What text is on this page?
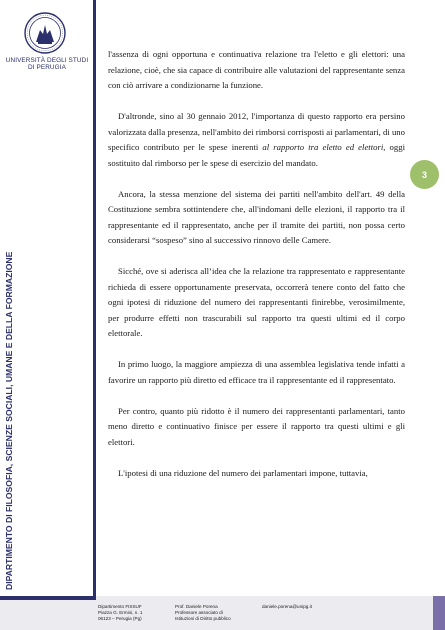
UNIVERSITÀ DEGLI STUDI
DI PERUGIA
DIPARTIMENTO DI FILOSOFIA, SCIENZE SOCIALI, UMANE E DELLA FORMAZIONE
3

l'assenza di ogni opportuna e continuativa relazione tra l'eletto e gli elettori: una relazione, cioè, che sia capace di contribuire alle valutazioni del rappresentante senza con ciò arrivare a condizionarne la funzione.

D'altronde, sino al 30 gennaio 2012, l'importanza di questo rapporto era persino valorizzata dalla presenza, nell'ambito dei rimborsi corrisposti ai parlamentari, di uno specifico contributo per le spese inerenti al rapporto tra eletto ed elettori, oggi sostituito dal rimborso per le spese di esercizio del mandato.

Ancora, la stessa menzione del sistema dei partiti nell'ambito dell'art. 49 della Costituzione sembra sottintendere che, all'indomani delle elezioni, il rapporto tra il rappresentante ed il rappresentato, anche per il tramite dei partiti, non possa certo considerarsi “sospeso” sino al successivo rinnovo delle Camere.

Sicché, ove si aderisca all’idea che la relazione tra rappresentato e rappresentante richieda di essere opportunamente preservata, occorrerà tenere conto del fatto che ogni ipotesi di riduzione del numero dei rappresentanti finirebbe, verosimilmente, per produrre effetti non trascurabili sul rapporto tra questi ultimi ed il corpo elettorale.

In primo luogo, la maggiore ampiezza di una assemblea legislativa tende infatti a favorire un rapporto più diretto ed efficace tra il rappresentante ed il rappresentato.

Per contro, quanto più ridotto è il numero dei rappresentanti parlamentari, tanto meno diretto e continuativo finisce per essere il rapporto tra questi ultimi e gli elettori.

L'ipotesi di una riduzione del numero dei parlamentari impone, tuttavia,

Dipartimento FISSUF
Piazza G. Ermini, n. 1
06123 – Perugia (Pg)
Prof. Daniele Porena
Professore associato di
Istituzioni di Diritto pubblico
daniele.porena@unipg.it
